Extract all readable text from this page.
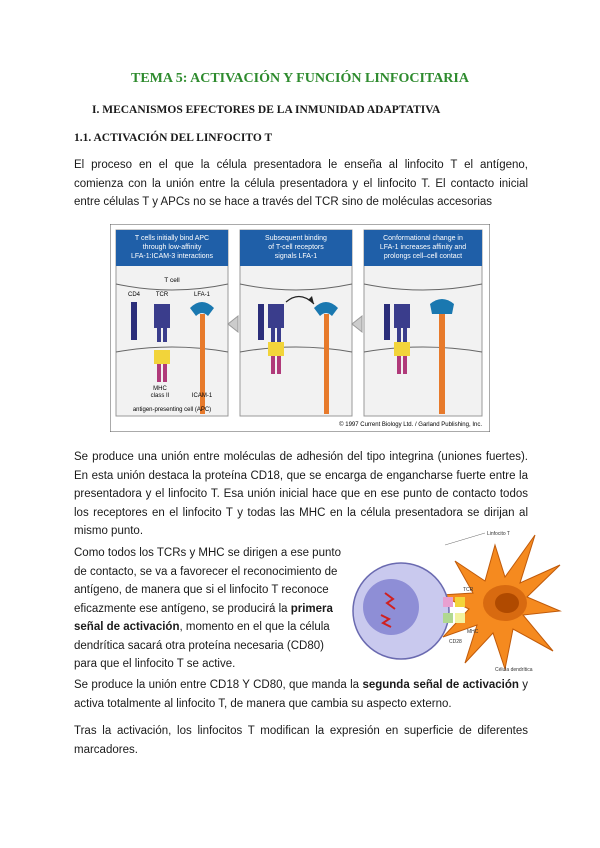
TEMA 5: ACTIVACIÓN Y FUNCIÓN LINFOCITARIA
I. MECANISMOS EFECTORES DE LA INMUNIDAD ADAPTATIVA
1.1. ACTIVACIÓN DEL LINFOCITO T
El proceso en el que la célula presentadora le enseña al linfocito T el antígeno, comienza con la unión entre la célula presentadora y el linfocito T. El contacto inicial entre células T y APCs no se hace a través del TCR sino de moléculas accesorias
T cells initially bind APC
through low-affinity
LFA-1:ICAM-3 interactions
T cell
CD4	TCR	LFA-1
MHC
class II	ICAM-1
antigen-presenting cell (APC)
Subsequent binding
of T-cell receptors
signals LFA-1
Conformational change in
LFA-1 increases affinity and
prolongs cell–cell contact
© 1997 Current Biology Ltd. / Garland Publishing, Inc.
Se produce una unión entre moléculas de adhesión del tipo integrina (uniones fuertes). En esta unión destaca la proteína CD18, que se encarga de engancharse fuerte entre la presentadora y el linfocito T. Esa unión inicial hace que en ese punto de contacto todos los receptores en el linfocito T y todas las MHC en la célula presentadora se dirijan al mismo punto.
Como todos los TCRs y MHC se dirigen a ese punto de contacto, se va a favorecer el reconocimiento de antígeno, de manera que si el linfocito T reconoce eficazmente ese antígeno, se producirá la primera señal de activación, momento en el que la célula dendrítica sacará otra proteína necesaria (CD80) para que el linfocito T se active.
Linfocito T
TCR
MHC
CD28
Célula dendrítica
Se produce la unión entre CD18 Y CD80, que manda la segunda señal de activación y activa totalmente al linfocito T, de manera que cambia su aspecto externo.
Tras la activación, los linfocitos T modifican la expresión en superficie de diferentes marcadores.
